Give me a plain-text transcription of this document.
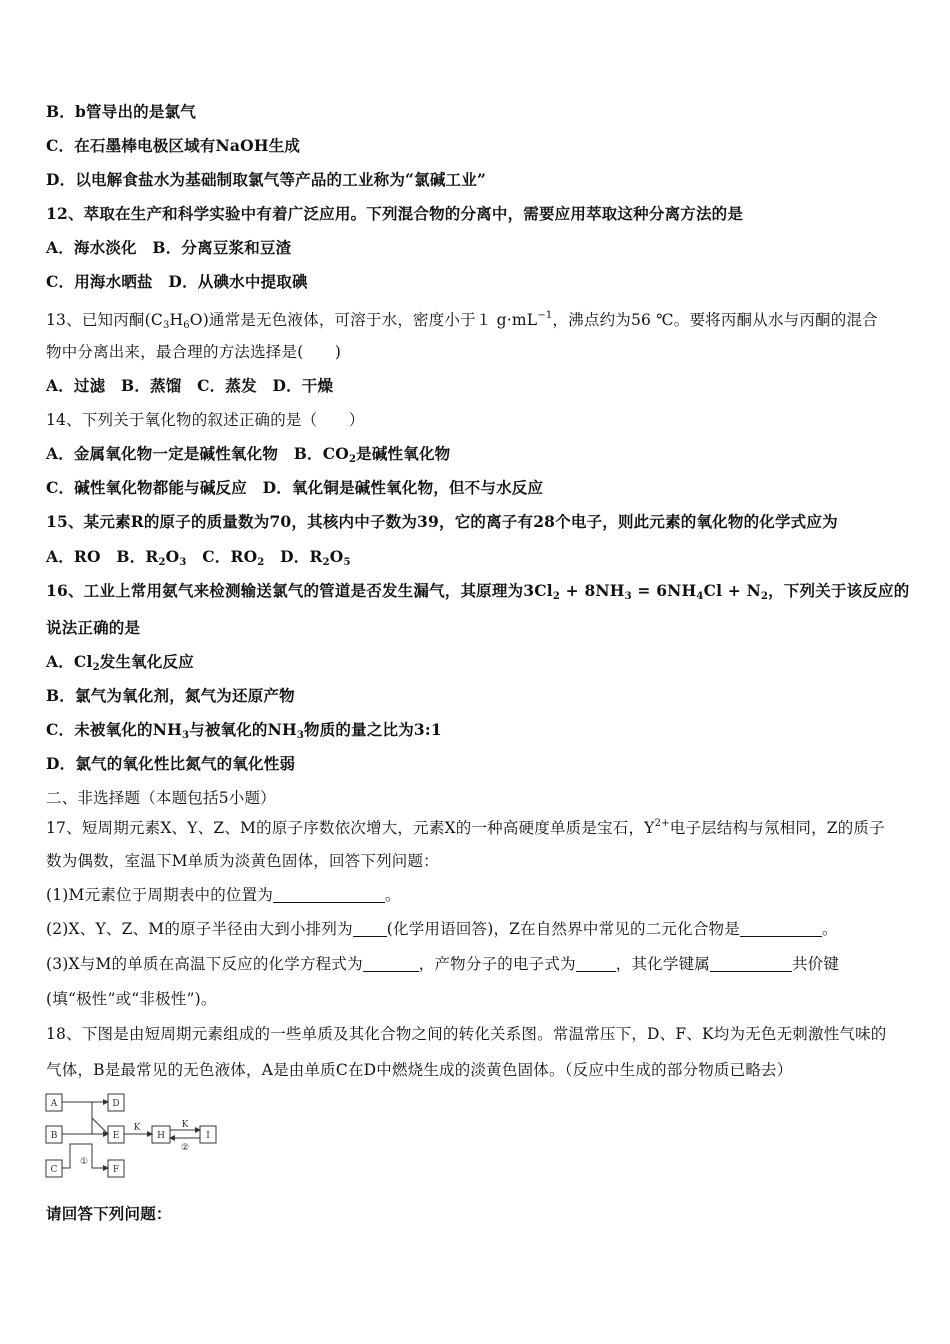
B．b管导出的是氯气
C．在石墨棒电极区域有NaOH生成
D．以电解食盐水为基础制取氯气等产品的工业称为“氯碱工业”
12、萃取在生产和科学实验中有着广泛应用。下列混合物的分离中，需要应用萃取这种分离方法的是
A．海水淡化　B．分离豆浆和豆渣
C．用海水晒盐　D．从碘水中提取碘
13、已知丙酮$(C_3H_6O)$通常是无色液体，可溶于水，密度小于１ $g\cdot mL^{-1}$，沸点约为56 ℃。要将丙酮从水与丙酮的混合
物中分离出来，最合理的方法选择是(　　)
A．过滤　B．蒸馏　C．蒸发　D．干燥
14、下列关于氧化物的叙述正确的是（　　）
A．金属氧化物一定是碱性氧化物　B．$CO_2$是碱性氧化物
C．碱性氧化物都能与碱反应　D．氧化铜是碱性氧化物，但不与水反应
15、某元素R的原子的质量数为70，其核内中子数为39，它的离子有28个电子，则此元素的氧化物的化学式应为
A．RO　B．$R_2O_3$　C．$RO_2$　D．$R_2O_5$
16、工业上常用氨气来检测输送氯气的管道是否发生漏气，其原理为$3Cl_2 + 8NH_3 = 6NH_4Cl + N_2$，下列关于该反应的
说法正确的是
A．$Cl_2$发生氧化反应
B．氯气为氧化剂，氮气为还原产物
C．未被氧化的$NH_3$与被氧化的$NH_3$物质的量之比为3:1
D．氯气的氧化性比氮气的氧化性弱
二、非选择题（本题包括5小题）
17、短周期元素X、Y、Z、M的原子序数依次增大，元素X的一种高硬度单质是宝石，$Y^{2+}$电子层结构与氖相同，Z的质子
数为偶数，室温下M单质为淡黄色固体，回答下列问题：
(1)M元素位于周期表中的位置为	。
(2)X、Y、Z、M的原子半径由大到小排列为 (化学用语回答)，Z在自然界中常见的二元化合物是	。
(3)X与M的单质在高温下反应的化学方程式为	，产物分子的电子式为	，其化学键属	共价键
(填“极性”或“非极性”)。
18、下图是由短周期元素组成的一些单质及其化合物之间的转化关系图。常温常压下，D、F、K均为无色无刺激性气味的
气体，B是最常见的无色液体，A是由单质C在D中燃烧生成的淡黄色固体。（反应中生成的部分物质已略去）
A
B
C
D
E
F
H	I
K	K
①
②
请回答下列问题：
